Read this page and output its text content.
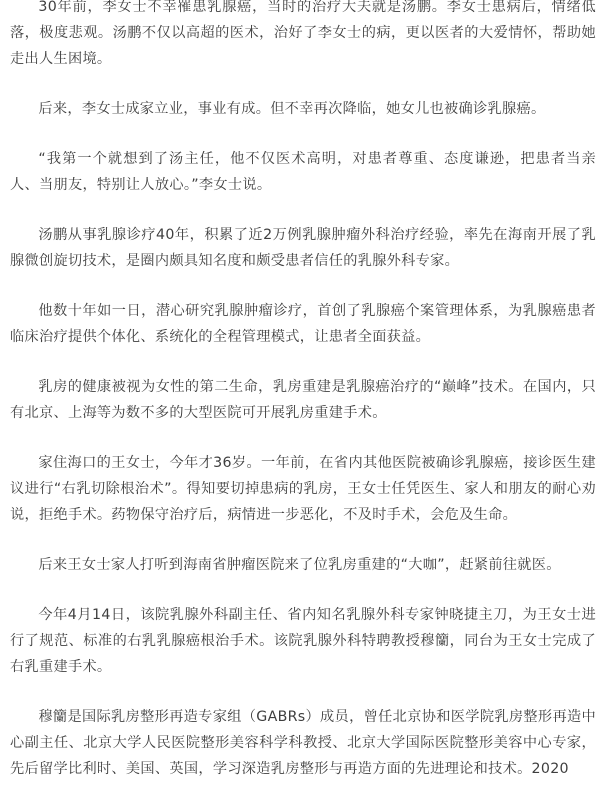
30年前，李女士不幸罹患乳腺癌，当时的治疗大夫就是汤鹏。李女士患病后，情绪低落，极度悲观。汤鹏不仅以高超的医术，治好了李女士的病，更以医者的大爱情怀，帮助她走出人生困境。

后来，李女士成家立业，事业有成。但不幸再次降临，她女儿也被确诊乳腺癌。

“我第一个就想到了汤主任，他不仅医术高明，对患者尊重、态度谦逊，把患者当亲人、当朋友，特别让人放心。”李女士说。

汤鹏从事乳腺诊疗40年，积累了近2万例乳腺肿瘤外科治疗经验，率先在海南开展了乳腺微创旋切技术，是圈内颇具知名度和颇受患者信任的乳腺外科专家。

他数十年如一日，潜心研究乳腺肿瘤诊疗，首创了乳腺癌个案管理体系，为乳腺癌患者临床治疗提供个体化、系统化的全程管理模式，让患者全面获益。

乳房的健康被视为女性的第二生命，乳房重建是乳腺癌治疗的“巅峰”技术。在国内，只有北京、上海等为数不多的大型医院可开展乳房重建手术。

家住海口的王女士，今年才36岁。一年前，在省内其他医院被确诊乳腺癌，接诊医生建议进行“右乳切除根治术”。得知要切掉患病的乳房，王女士任凭医生、家人和朋友的耐心劝说，拒绝手术。药物保守治疗后，病情进一步恶化，不及时手术，会危及生命。

后来王女士家人打听到海南省肿瘤医院来了位乳房重建的“大咖”，赶紧前往就医。

今年4月14日，该院乳腺外科副主任、省内知名乳腺外科专家钟晓捷主刀，为王女士进行了规范、标准的右乳乳腺癌根治手术。该院乳腺外科特聘教授穆籣，同台为王女士完成了右乳重建手术。

穆籣是国际乳房整形再造专家组（GABRs）成员，曾任北京协和医学院乳房整形再造中心副主任、北京大学人民医院整形美容科学科教授、北京大学国际医院整形美容中心专家，先后留学比利时、美国、英国，学习深造乳房整形与再造方面的先进理论和技术。2020
